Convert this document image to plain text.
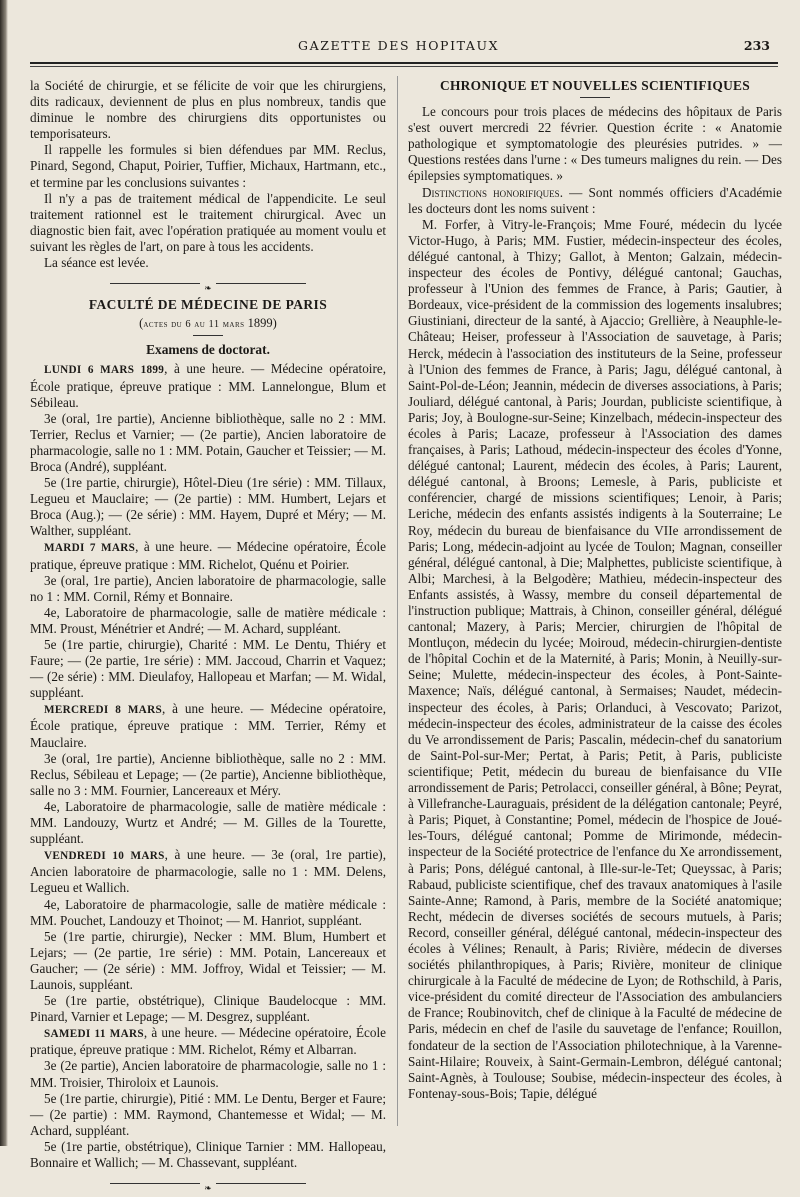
GAZETTE DES HOPITAUX	233

la Société de chirurgie, et se félicite de voir que les chirurgiens, dits radicaux, deviennent de plus en plus nombreux, tandis que diminue le nombre des chirurgiens dits opportunistes ou temporisateurs.

Il rappelle les formules si bien défendues par MM. Reclus, Pinard, Segond, Chaput, Poirier, Tuffier, Michaux, Hartmann, etc., et termine par les conclusions suivantes :

Il n'y a pas de traitement médical de l'appendicite. Le seul traitement rationnel est le traitement chirurgical. Avec un diagnostic bien fait, avec l'opération pratiquée au moment voulu et suivant les règles de l'art, on pare à tous les accidents.

La séance est levée.

❧
FACULTÉ DE MÉDECINE DE PARIS
(actes du 6 au 11 mars 1899)
Examens de doctorat.

LUNDI 6 MARS 1899, à une heure. — Médecine opératoire, École pratique, épreuve pratique : MM. Lannelongue, Blum et Sébileau.

3e (oral, 1re partie), Ancienne bibliothèque, salle no 2 : MM. Terrier, Reclus et Varnier; — (2e partie), Ancien laboratoire de pharmacologie, salle no 1 : MM. Potain, Gaucher et Teissier; — M. Broca (André), suppléant.

5e (1re partie, chirurgie), Hôtel-Dieu (1re série) : MM. Tillaux, Legueu et Mauclaire; — (2e partie) : MM. Humbert, Lejars et Broca (Aug.); — (2e série) : MM. Hayem, Dupré et Méry; — M. Walther, suppléant.

MARDI 7 MARS, à une heure. — Médecine opératoire, École pratique, épreuve pratique : MM. Richelot, Quénu et Poirier.

3e (oral, 1re partie), Ancien laboratoire de pharmacologie, salle no 1 : MM. Cornil, Rémy et Bonnaire.

4e, Laboratoire de pharmacologie, salle de matière médicale : MM. Proust, Ménétrier et André; — M. Achard, suppléant.

5e (1re partie, chirurgie), Charité : MM. Le Dentu, Thiéry et Faure; — (2e partie, 1re série) : MM. Jaccoud, Charrin et Vaquez; — (2e série) : MM. Dieulafoy, Hallopeau et Marfan; — M. Widal, suppléant.

MERCREDI 8 MARS, à une heure. — Médecine opératoire, École pratique, épreuve pratique : MM. Terrier, Rémy et Mauclaire.

3e (oral, 1re partie), Ancienne bibliothèque, salle no 2 : MM. Reclus, Sébileau et Lepage; — (2e partie), Ancienne bibliothèque, salle no 3 : MM. Fournier, Lancereaux et Méry.

4e, Laboratoire de pharmacologie, salle de matière médicale : MM. Landouzy, Wurtz et André; — M. Gilles de la Tourette, suppléant.

VENDREDI 10 MARS, à une heure. — 3e (oral, 1re partie), Ancien laboratoire de pharmacologie, salle no 1 : MM. Delens, Legueu et Wallich.

4e, Laboratoire de pharmacologie, salle de matière médicale : MM. Pouchet, Landouzy et Thoinot; — M. Hanriot, suppléant.

5e (1re partie, chirurgie), Necker : MM. Blum, Humbert et Lejars; — (2e partie, 1re série) : MM. Potain, Lancereaux et Gaucher; — (2e série) : MM. Joffroy, Widal et Teissier; — M. Launois, suppléant.

5e (1re partie, obstétrique), Clinique Baudelocque : MM. Pinard, Varnier et Lepage; — M. Desgrez, suppléant.

SAMEDI 11 MARS, à une heure. — Médecine opératoire, École pratique, épreuve pratique : MM. Richelot, Rémy et Albarran.

3e (2e partie), Ancien laboratoire de pharmacologie, salle no 1 : MM. Troisier, Thiroloix et Launois.

5e (1re partie, chirurgie), Pitié : MM. Le Dentu, Berger et Faure; — (2e partie) : MM. Raymond, Chantemesse et Widal; — M. Achard, suppléant.

5e (1re partie, obstétrique), Clinique Tarnier : MM. Hallopeau, Bonnaire et Wallich; — M. Chassevant, suppléant.

❧
CHRONIQUE ET NOUVELLES SCIENTIFIQUES

Le concours pour trois places de médecins des hôpitaux de Paris s'est ouvert mercredi 22 février. Question écrite : « Anatomie pathologique et symptomatologie des pleurésies putrides. » — Questions restées dans l'urne : « Des tumeurs malignes du rein. — Des épilepsies symptomatiques. »

Distinctions honorifiques. — Sont nommés officiers d'Académie les docteurs dont les noms suivent :

M. Forfer, à Vitry-le-François; Mme Fouré, médecin du lycée Victor-Hugo, à Paris; MM. Fustier, médecin-inspecteur des écoles, délégué cantonal, à Thizy; Gallot, à Menton; Galzain, médecin-inspecteur des écoles de Pontivy, délégué cantonal; Gauchas, professeur à l'Union des femmes de France, à Paris; Gautier, à Bordeaux, vice-président de la commission des logements insalubres; Giustiniani, directeur de la santé, à Ajaccio; Grellière, à Neauphle-le-Château; Heiser, professeur à l'Association de sauvetage, à Paris; Herck, médecin à l'association des instituteurs de la Seine, professeur à l'Union des femmes de France, à Paris; Jagu, délégué cantonal, à Saint-Pol-de-Léon; Jeannin, médecin de diverses associations, à Paris; Jouliard, délégué cantonal, à Paris; Jourdan, publiciste scientifique, à Paris; Joy, à Boulogne-sur-Seine; Kinzelbach, médecin-inspecteur des écoles à Paris; Lacaze, professeur à l'Association des dames françaises, à Paris; Lathoud, médecin-inspecteur des écoles d'Yonne, délégué cantonal; Laurent, médecin des écoles, à Paris; Laurent, délégué cantonal, à Broons; Lemesle, à Paris, publiciste et conférencier, chargé de missions scientifiques; Lenoir, à Paris; Leriche, médecin des enfants assistés indigents à la Souterraine; Le Roy, médecin du bureau de bienfaisance du VIIe arrondissement de Paris; Long, médecin-adjoint au lycée de Toulon; Magnan, conseiller général, délégué cantonal, à Die; Malphettes, publiciste scientifique, à Albi; Marchesi, à la Belgodère; Mathieu, médecin-inspecteur des Enfants assistés, à Wassy, membre du conseil départemental de l'instruction publique; Mattrais, à Chinon, conseiller général, délégué cantonal; Mazery, à Paris; Mercier, chirurgien de l'hôpital de Montluçon, médecin du lycée; Moiroud, médecin-chirurgien-dentiste de l'hôpital Cochin et de la Maternité, à Paris; Monin, à Neuilly-sur-Seine; Mulette, médecin-inspecteur des écoles, à Pont-Sainte-Maxence; Naïs, délégué cantonal, à Sermaises; Naudet, médecin-inspecteur des écoles, à Paris; Orlanduci, à Vescovato; Parizot, médecin-inspecteur des écoles, administrateur de la caisse des écoles du Ve arrondissement de Paris; Pascalin, médecin-chef du sanatorium de Saint-Pol-sur-Mer; Pertat, à Paris; Petit, à Paris, publiciste scientifique; Petit, médecin du bureau de bienfaisance du VIIe arrondissement de Paris; Petrolacci, conseiller général, à Bône; Peyrat, à Villefranche-Lauraguais, président de la délégation cantonale; Peyré, à Paris; Piquet, à Constantine; Pomel, médecin de l'hospice de Joué-les-Tours, délégué cantonal; Pomme de Mirimonde, médecin-inspecteur de la Société protectrice de l'enfance du Xe arrondissement, à Paris; Pons, délégué cantonal, à Ille-sur-le-Tet; Queyssac, à Paris; Rabaud, publiciste scientifique, chef des travaux anatomiques à l'asile Sainte-Anne; Ramond, à Paris, membre de la Société anatomique; Recht, médecin de diverses sociétés de secours mutuels, à Paris; Record, conseiller général, délégué cantonal, médecin-inspecteur des écoles à Vélines; Renault, à Paris; Rivière, médecin de diverses sociétés philanthropiques, à Paris; Rivière, moniteur de clinique chirurgicale à la Faculté de médecine de Lyon; de Rothschild, à Paris, vice-président du comité directeur de l'Association des ambulanciers de France; Roubinovitch, chef de clinique à la Faculté de médecine de Paris, médecin en chef de l'asile du sauvetage de l'enfance; Rouillon, fondateur de la section de l'Association philotechnique, à la Varenne-Saint-Hilaire; Rouveix, à Saint-Germain-Lembron, délégué cantonal; Saint-Agnès, à Toulouse; Soubise, médecin-inspecteur des écoles, à Fontenay-sous-Bois; Tapie, délégué
